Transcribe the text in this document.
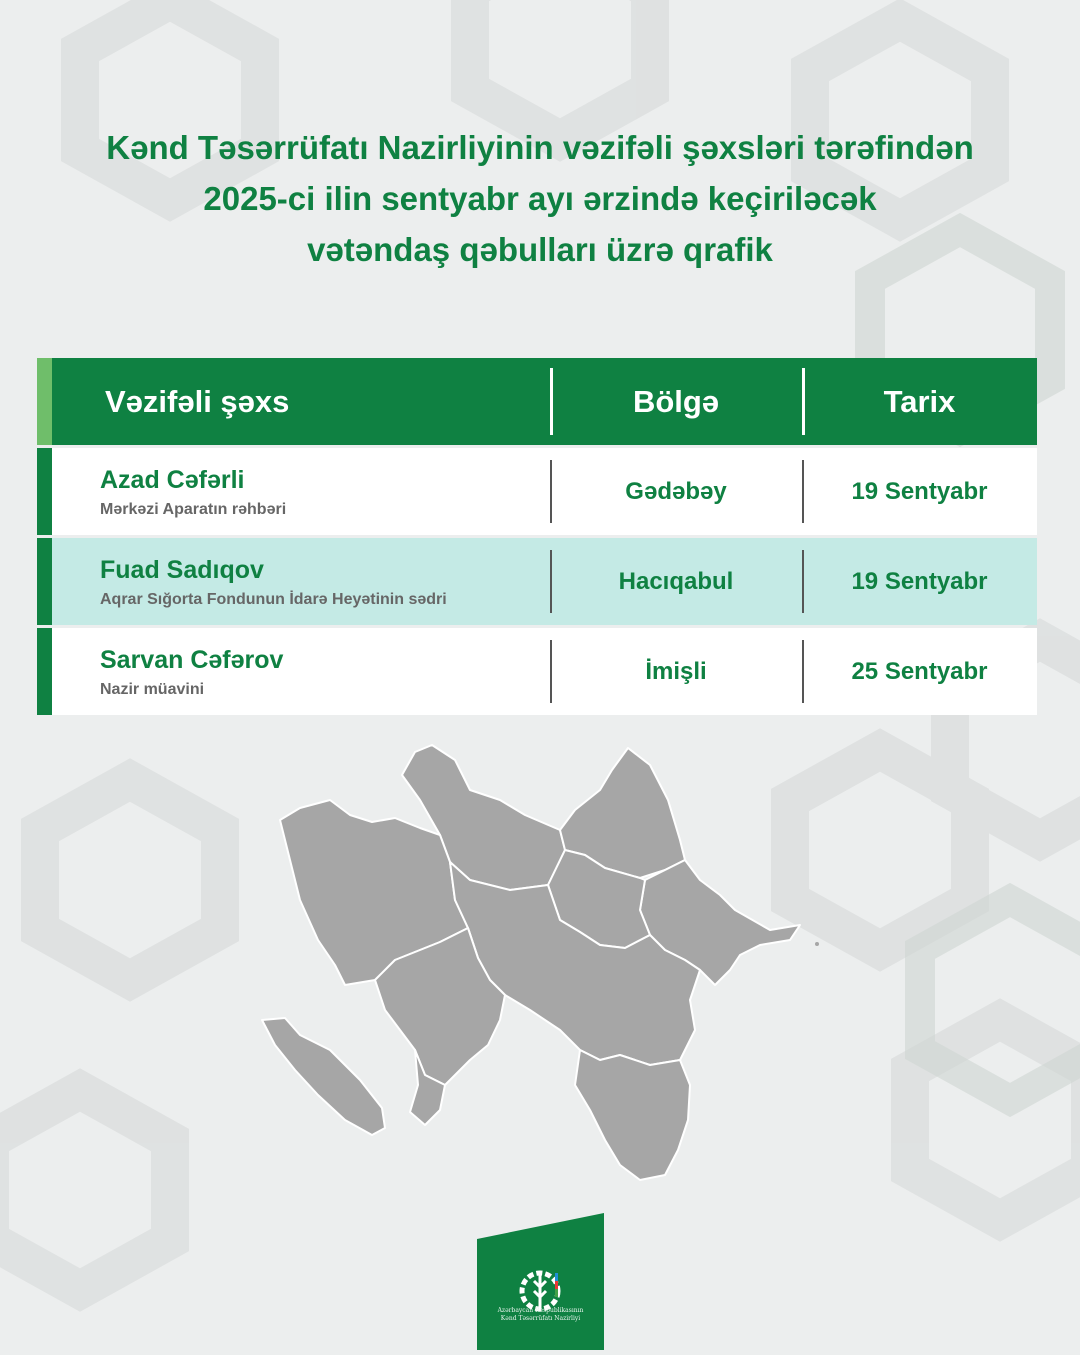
Kənd Təsərrüfatı Nazirliyinin vəzifəli şəxsləri tərəfindən
2025-ci ilin sentyabr ayı ərzində keçiriləcək
vətəndaş qəbulları üzrə qrafik
Vəzifəli şəxs	Bölgə	Tarix
Azad Cəfərli
Mərkəzi Aparatın rəhbəri
Gədəbəy	19 Sentyabr
Fuad Sadıqov
Aqrar Sığorta Fondunun İdarə Heyətinin sədri
Hacıqabul	19 Sentyabr
Sarvan Cəfərov
Nazir müavini
İmişli	25 Sentyabr
Azərbaycan Respublikasının
Kənd Təsərrüfatı Nazirliyi
